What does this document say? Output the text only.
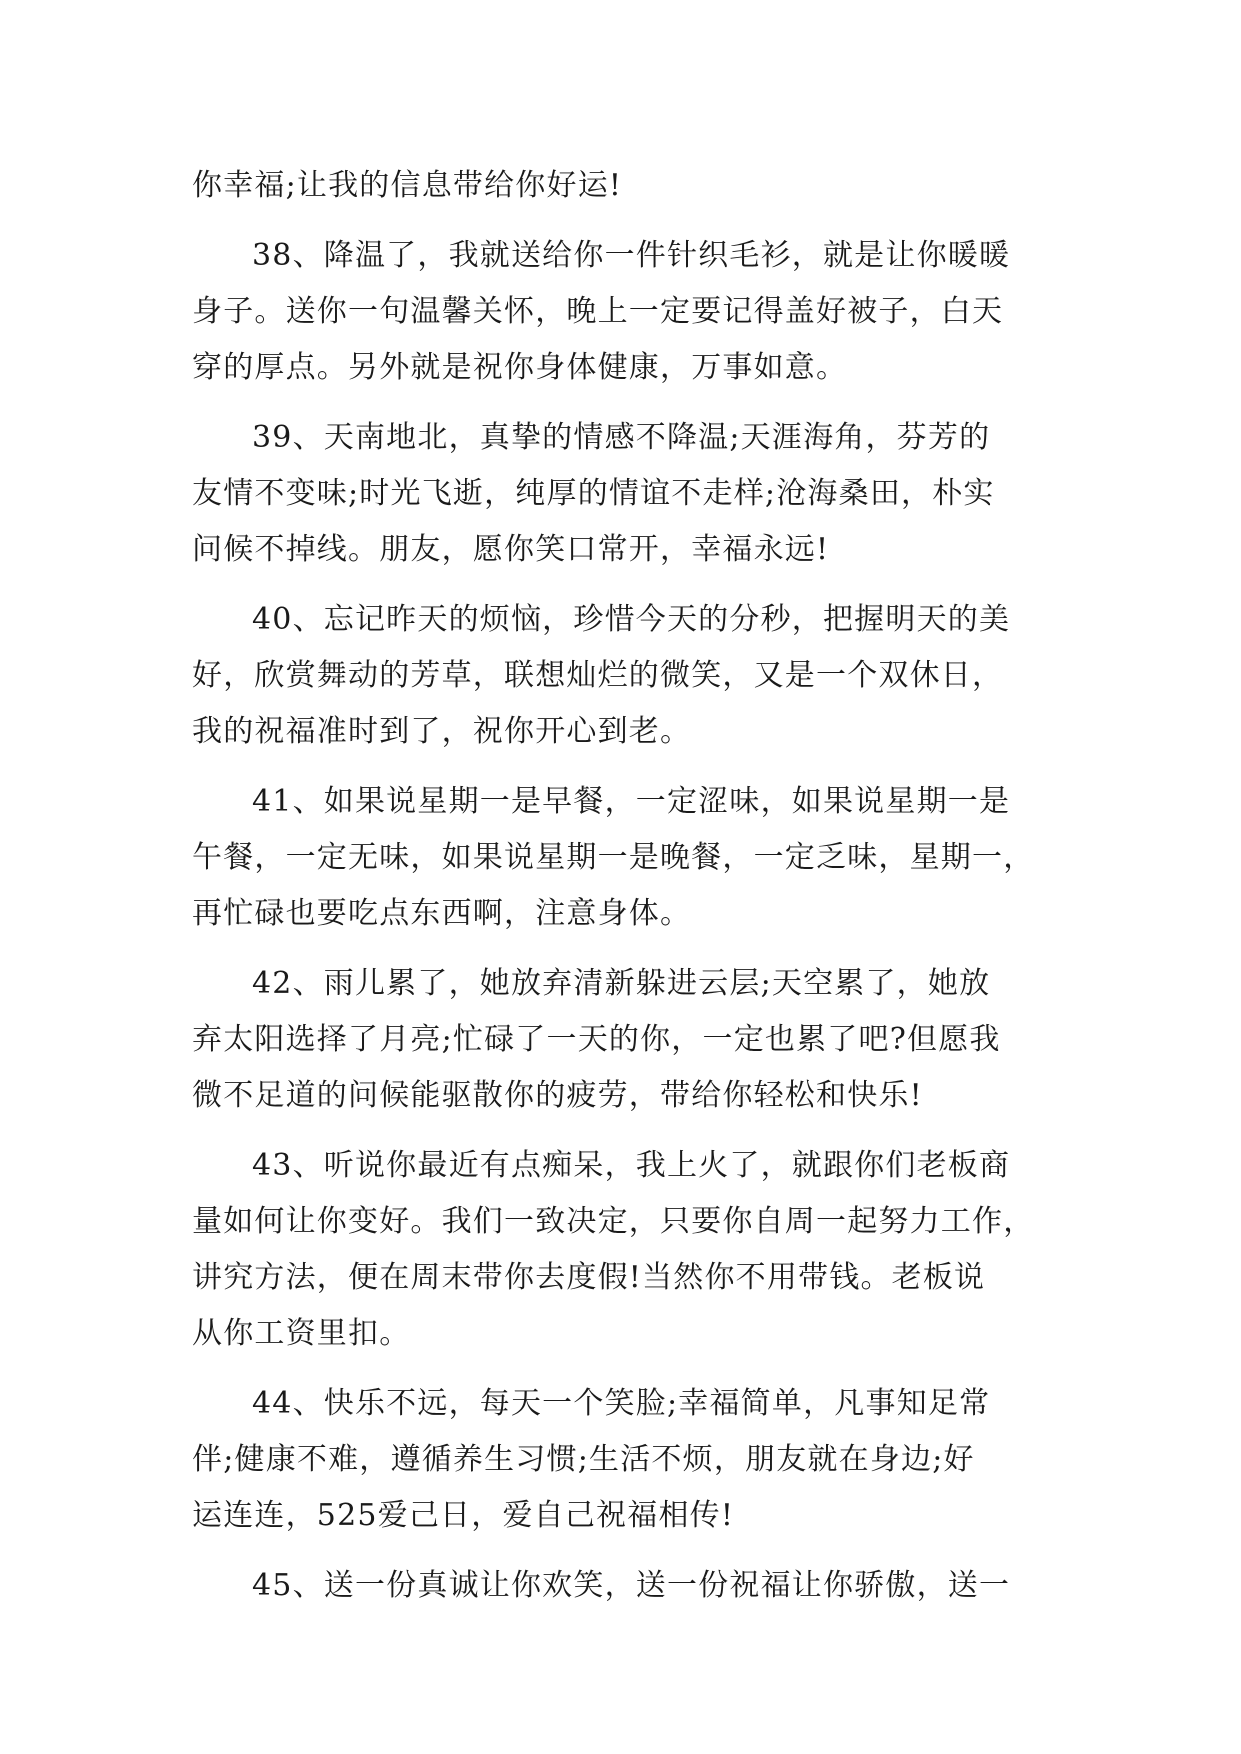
你幸福;让我的信息带给你好运!
38、降温了，我就送给你一件针织毛衫，就是让你暖暖
身子。送你一句温馨关怀，晚上一定要记得盖好被子，白天
穿的厚点。另外就是祝你身体健康，万事如意。
39、天南地北，真挚的情感不降温;天涯海角，芬芳的
友情不变味;时光飞逝，纯厚的情谊不走样;沧海桑田，朴实
问候不掉线。朋友，愿你笑口常开，幸福永远!
40、忘记昨天的烦恼，珍惜今天的分秒，把握明天的美
好，欣赏舞动的芳草，联想灿烂的微笑，又是一个双休日，
我的祝福准时到了，祝你开心到老。
41、如果说星期一是早餐，一定涩味，如果说星期一是
午餐，一定无味，如果说星期一是晚餐，一定乏味，星期一，
再忙碌也要吃点东西啊，注意身体。
42、雨儿累了，她放弃清新躲进云层;天空累了，她放
弃太阳选择了月亮;忙碌了一天的你，一定也累了吧?但愿我
微不足道的问候能驱散你的疲劳，带给你轻松和快乐!
43、听说你最近有点痴呆，我上火了，就跟你们老板商
量如何让你变好。我们一致决定，只要你自周一起努力工作，
讲究方法，便在周末带你去度假!当然你不用带钱。老板说
从你工资里扣。
44、快乐不远，每天一个笑脸;幸福简单，凡事知足常
伴;健康不难，遵循养生习惯;生活不烦，朋友就在身边;好
运连连，525爱己日，爱自己祝福相传!
45、送一份真诚让你欢笑，送一份祝福让你骄傲，送一
